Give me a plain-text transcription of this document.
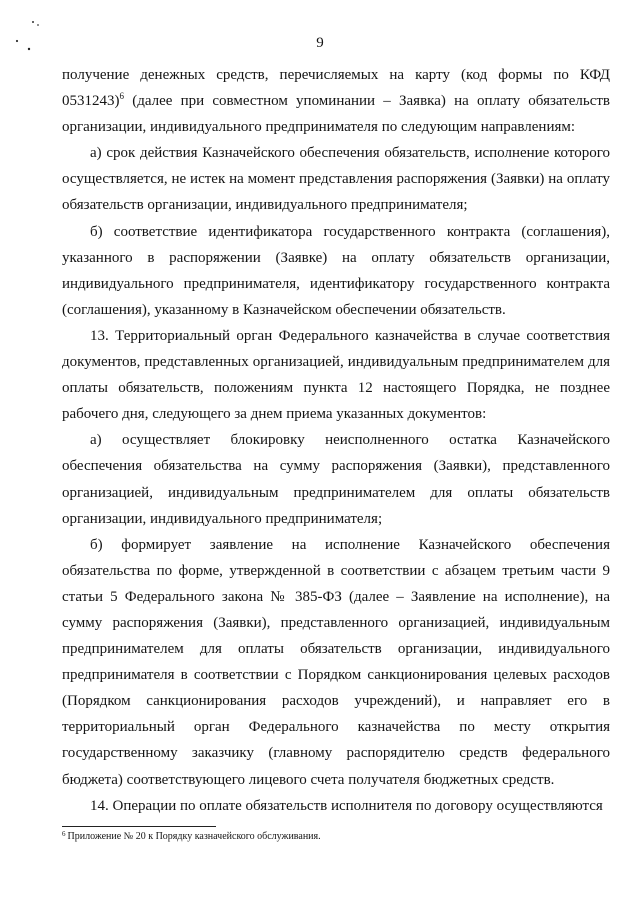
9

получение денежных средств, перечисляемых на карту (код формы по КФД 0531243)$^6$ (далее при совместном упоминании – Заявка) на оплату обязательств организации, индивидуального предпринимателя по следующим направлениям:

а) срок действия Казначейского обеспечения обязательств, исполнение которого осуществляется, не истек на момент представления распоряжения (Заявки) на оплату обязательств организации, индивидуального предпринимателя;

б) соответствие идентификатора государственного контракта (соглашения), указанного в распоряжении (Заявке) на оплату обязательств организации, индивидуального предпринимателя, идентификатору государственного контракта (соглашения), указанному в Казначейском обеспечении обязательств.

13. Территориальный орган Федерального казначейства в случае соответствия документов, представленных организацией, индивидуальным предпринимателем для оплаты обязательств, положениям пункта 12 настоящего Порядка, не позднее рабочего дня, следующего за днем приема указанных документов:

а) осуществляет блокировку неисполненного остатка Казначейского обеспечения обязательства на сумму распоряжения (Заявки), представленного организацией, индивидуальным предпринимателем для оплаты обязательств организации, индивидуального предпринимателя;

б) формирует заявление на исполнение Казначейского обеспечения обязательства по форме, утвержденной в соответствии с абзацем третьим части 9 статьи 5 Федерального закона № 385-ФЗ (далее – Заявление на исполнение), на сумму распоряжения (Заявки), представленного организацией, индивидуальным предпринимателем для оплаты обязательств организации, индивидуального предпринимателя в соответствии с Порядком санкционирования целевых расходов (Порядком санкционирования расходов учреждений), и направляет его в территориальный орган Федерального казначейства по месту открытия государственному заказчику (главному распорядителю средств федерального бюджета) соответствующего лицевого счета получателя бюджетных средств.

14. Операции по оплате обязательств исполнителя по договору осуществляются

$^6$ Приложение № 20 к Порядку казначейского обслуживания.
